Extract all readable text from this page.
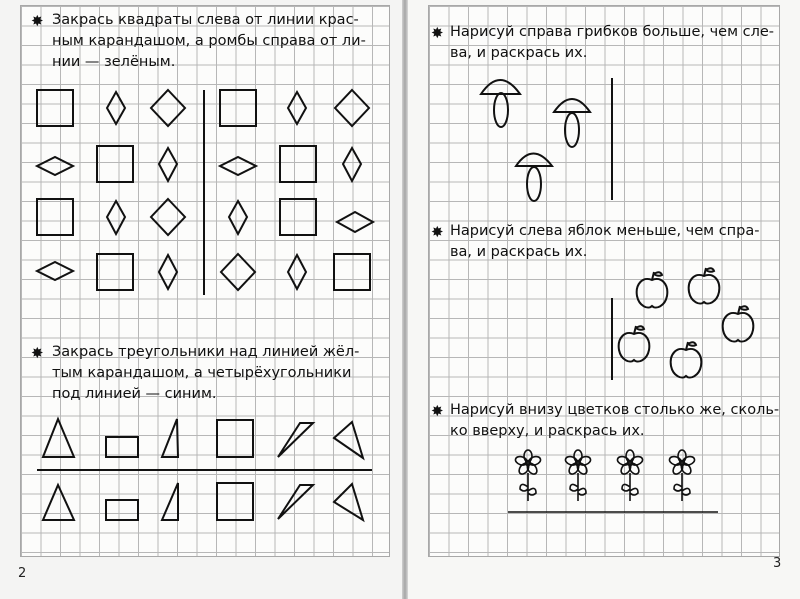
✸ Закрась квадраты слева от линии крас-
ным карандашом, а ромбы справа от ли-
нии — зелёным.
✸ Закрась треугольники над линией жёл-
тым карандашом, а четырёхугольники
под линией — синим.
2
✸ Нарисуй справа грибков больше, чем сле-
ва, и раскрась их.
✸ Нарисуй слева яблок меньше, чем спра-
ва, и раскрась их.
✸ Нарисуй внизу цветков столько же, сколь-
ко вверху, и раскрась их.
3
